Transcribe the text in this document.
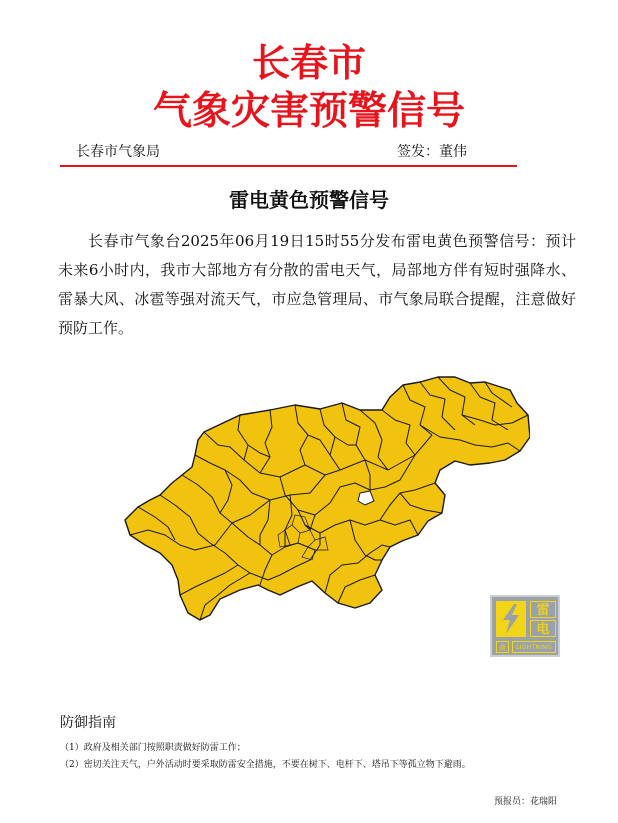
长春市
气象灾害预警信号
长春市气象局	签发：董伟
雷电黄色预警信号
长春市气象台2025年06月19日15时55分发布雷电黄色预警信号：预计未来6小时内，我市大部地方有分散的雷电天气，局部地方伴有短时强降水、雷暴大风、冰雹等强对流天气，市应急管理局、市气象局联合提醒，注意做好预防工作。
雷
电
黄	LIGHTNING
防御指南
（1）政府及相关部门按照职责做好防雷工作；
（2）密切关注天气，户外活动时要采取防雷安全措施，不要在树下、电杆下、塔吊下等孤立物下避雨。
预报员：花瑞阳
